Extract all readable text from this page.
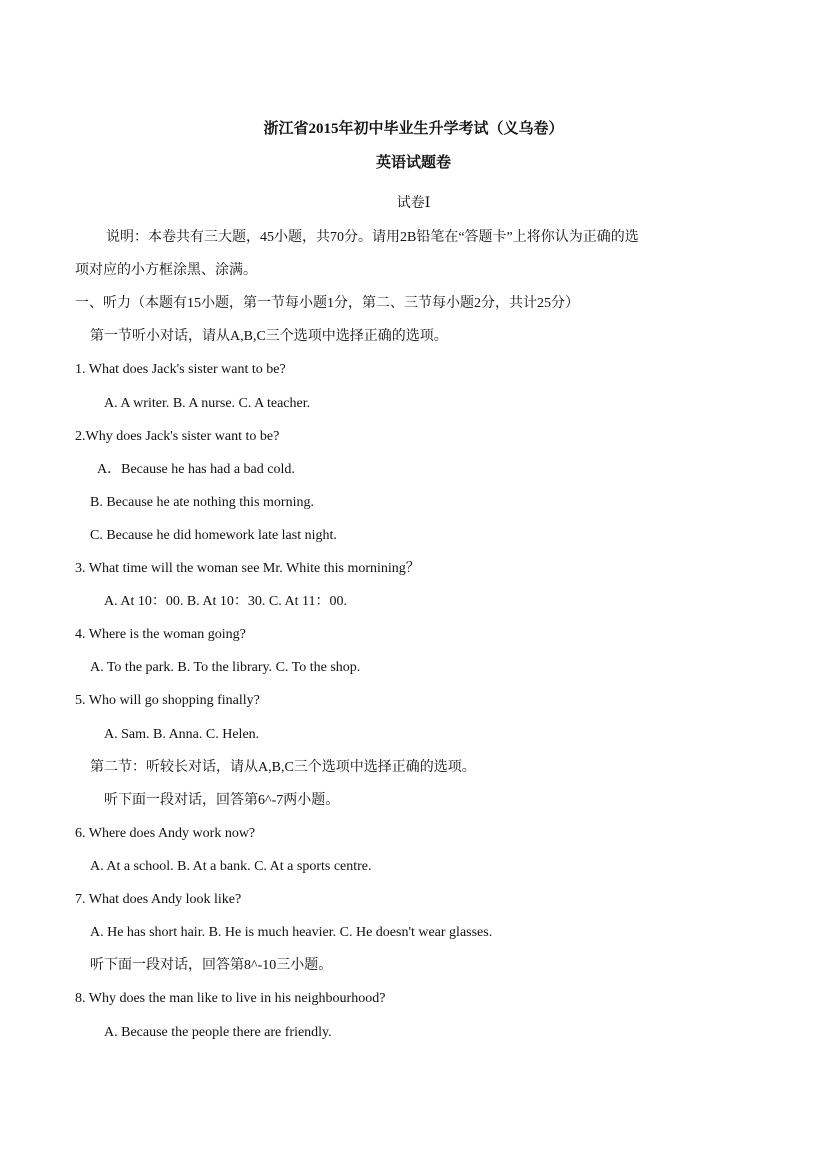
浙江省2015年初中毕业生升学考试（义乌卷）
英语试题卷
试卷Ⅰ
说明：本卷共有三大题，45小题，共70分。请用2B铅笔在“答题卡”上将你认为正确的选
项对应的小方框涂黑、涂满。
一、听力（本题有15小题，第一节每小题1分，第二、三节每小题2分，共计25分）
第一节听小对话，请从A,B,C三个选项中选择正确的选项。
1. What does Jack's sister want to be?
A. A writer. B. A nurse. C. A teacher.
2.Why does Jack's sister want to be?
A．Because he has had a bad cold.
B. Because he ate nothing this morning.
C. Because he did homework late last night.
3. What time will the woman see Mr. White this mornining？
A. At 10：00. B. At 10：30. C. At 11：00.
4. Where is the woman going?
A. To the park. B. To the library. C. To the shop.
5. Who will go shopping finally?
A. Sam. B. Anna. C. Helen.
第二节：听较长对话，请从A,B,C三个选项中选择正确的选项。
听下面一段对话，回答第6^-7两小题。
6. Where does Andy work now?
A. At a school. B. At a bank. C. At a sports centre.
7. What does Andy look like?
A. He has short hair. B. He is much heavier. C. He doesn't wear glasses.
听下面一段对话，回答第8^-10三小题。
8. Why does the man like to live in his neighbourhood?
A. Because the people there are friendly.
